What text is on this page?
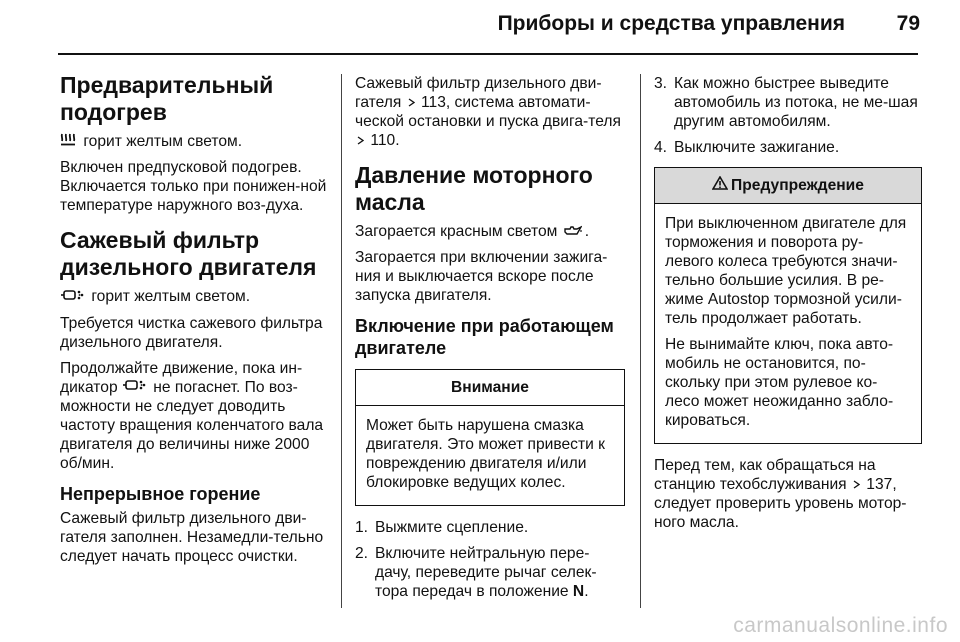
Приборы и средства управления 79
Предварительный подогрев

горит желтым светом.

Включен предпусковой подогрев. Включается только при понижен-ной температуре наружного воз-духа.

Сажевый фильтр дизельного двигателя

горит желтым светом.

Требуется чистка сажевого фильтра дизельного двигателя.

Продолжайте движение, пока ин-дикатор  не погаснет. По воз-можности не следует доводить частоту вращения коленчатого вала двигателя до величины ниже 2000 об/мин.

Непрерывное горение

Сажевый фильтр дизельного дви-гателя заполнен. Незамедли-тельно следует начать процесс очистки.

Сажевый фильтр дизельного дви-гателя  113, система автомати-ческой остановки и пуска двига-теля  110.

Давление моторного масла

Загорается красным светом .

Загорается при включении зажига-ния и выключается вскоре после запуска двигателя.

Включение при работающем двигателе
Внимание

Может быть нарушена смазка двигателя. Это может привести к повреждению двигателя и/или блокировке ведущих колес.

1. Выжмите сцепление.
2. Включите нейтральную пере-дачу, переведите рычаг селек-тора передач в положение N.
3. Как можно быстрее выведите автомобиль из потока, не ме-шая другим автомобилям.
4. Выключите зажигание.
Предупреждение

При выключенном двигателе для торможения и поворота ру-левого колеса требуются значи-тельно большие усилия. В ре-жиме Autostop тормозной усили-тель продолжает работать.

Не вынимайте ключ, пока авто-мобиль не остановится, по-скольку при этом рулевое ко-лесо может неожиданно забло-кироваться.

Перед тем, как обращаться на станцию техобслуживания  137, следует проверить уровень мотор-ного масла.

carmanualsonline.info
